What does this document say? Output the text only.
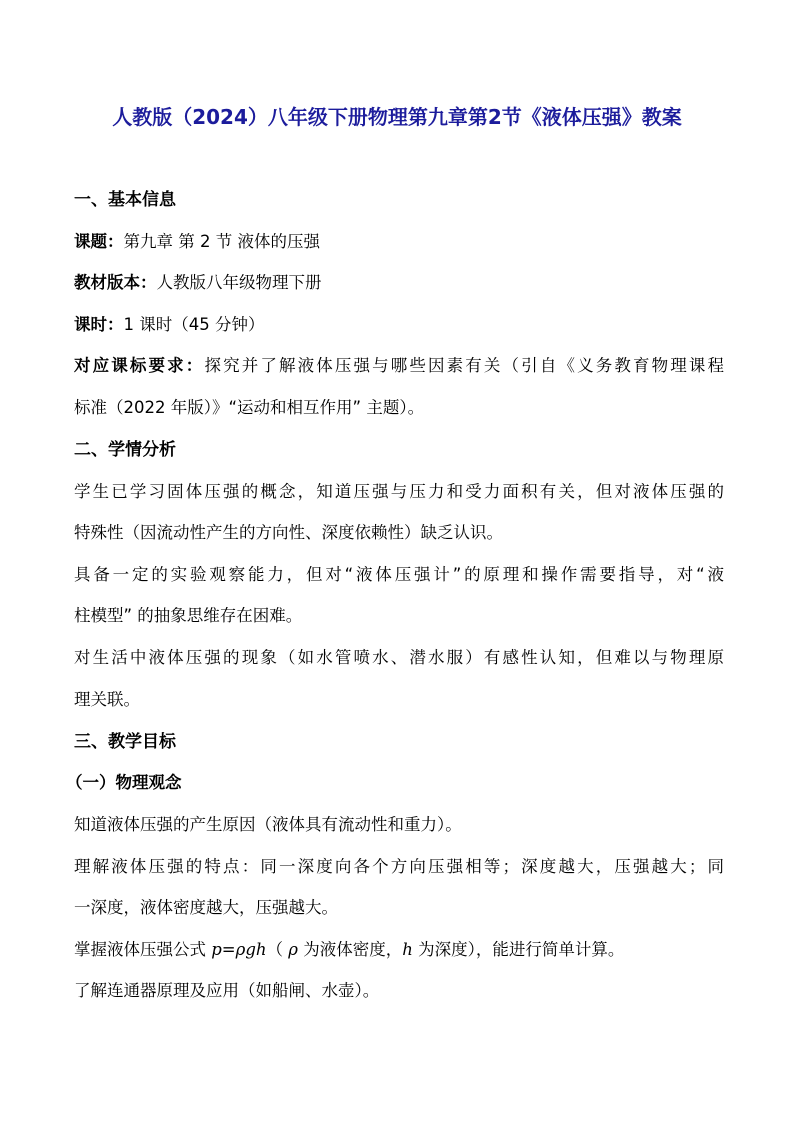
人教版（2024）八年级下册物理第九章第2节《液体压强》教案
一、基本信息
课题：第九章 第 2 节 液体的压强
教材版本：人教版八年级物理下册
课时：1 课时（45 分钟）
对应课标要求：探究并了解液体压强与哪些因素有关（引自《义务教育物理课程
标准（2022 年版）》“运动和相互作用” 主题）。
二、学情分析
学生已学习固体压强的概念，知道压强与压力和受力面积有关，但对液体压强的
特殊性（因流动性产生的方向性、深度依赖性）缺乏认识。
具备一定的实验观察能力，但对“液体压强计”的原理和操作需要指导，对“液
柱模型” 的抽象思维存在困难。
对生活中液体压强的现象（如水管喷水、潜水服）有感性认知，但难以与物理原
理关联。
三、教学目标
（一）物理观念
知道液体压强的产生原因（液体具有流动性和重力）。
理解液体压强的特点：同一深度向各个方向压强相等；深度越大，压强越大；同
一深度，液体密度越大，压强越大。
掌握液体压强公式 p=ρgh（ ρ 为液体密度，h 为深度），能进行简单计算。
了解连通器原理及应用（如船闸、水壶）。
